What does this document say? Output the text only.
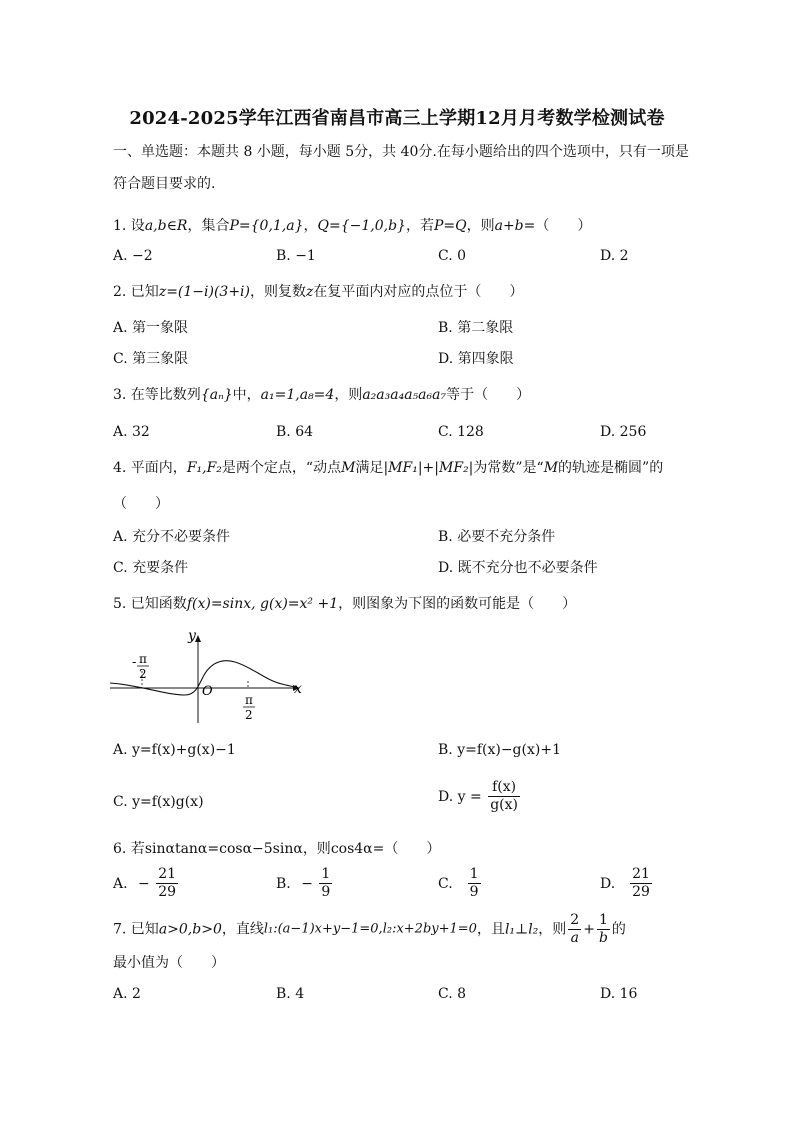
2024-2025学年江西省南昌市高三上学期12月月考数学检测试卷
一、单选题：本题共 8 小题，每小题 5分，共 40分.在每小题给出的四个选项中，只有一项是
符合题目要求的.
1. 设a,b∈R，集合P={0,1,a}，Q={−1,0,b}，若P=Q，则a+b=（　　）
A. −2	B. −1	C. 0	D. 2
2. 已知z=(1−i)(3+i)，则复数z在复平面内对应的点位于（　　）
A. 第一象限	B. 第二象限
C. 第三象限	D. 第四象限
3. 在等比数列{aₙ}中，a₁=1,a₈=4，则a₂a₃a₄a₅a₆a₇等于（　　）
A. 32	B. 64	C. 128	D. 256
4. 平面内，F₁,F₂是两个定点，“动点M满足|MF₁|+|MF₂|为常数”是“M的轨迹是椭圆”的
（　　）
A. 充分不必要条件	B. 必要不充分条件
C. 充要条件	D. 既不充分也不必要条件
5. 已知函数f(x)=sinx, g(x)=x² +1，则图象为下图的函数可能是（　　）
y
x
O
- π
2
π
2
A. y=f(x)+g(x)−1	B. y=f(x)−g(x)+1
C. y=f(x)g(x)	D. $y = \frac{f(x)}{g(x)}$
6. 若sinαtanα=cosα−5sinα，则cos4α=（　　）
A. − $\frac{21}{29}$	B. − $\frac{1}{9}$	C. $\frac{1}{9}$	D. $\frac{21}{29}$
7. 已知a>0,b>0，直线l₁:(a−1)x+y−1=0,l₂:x+2by+1=0，且l₁⊥l₂，则 $\frac{2}{a} + \frac{1}{b}$ 的
最小值为（　　）
A. 2	B. 4	C. 8	D. 16
